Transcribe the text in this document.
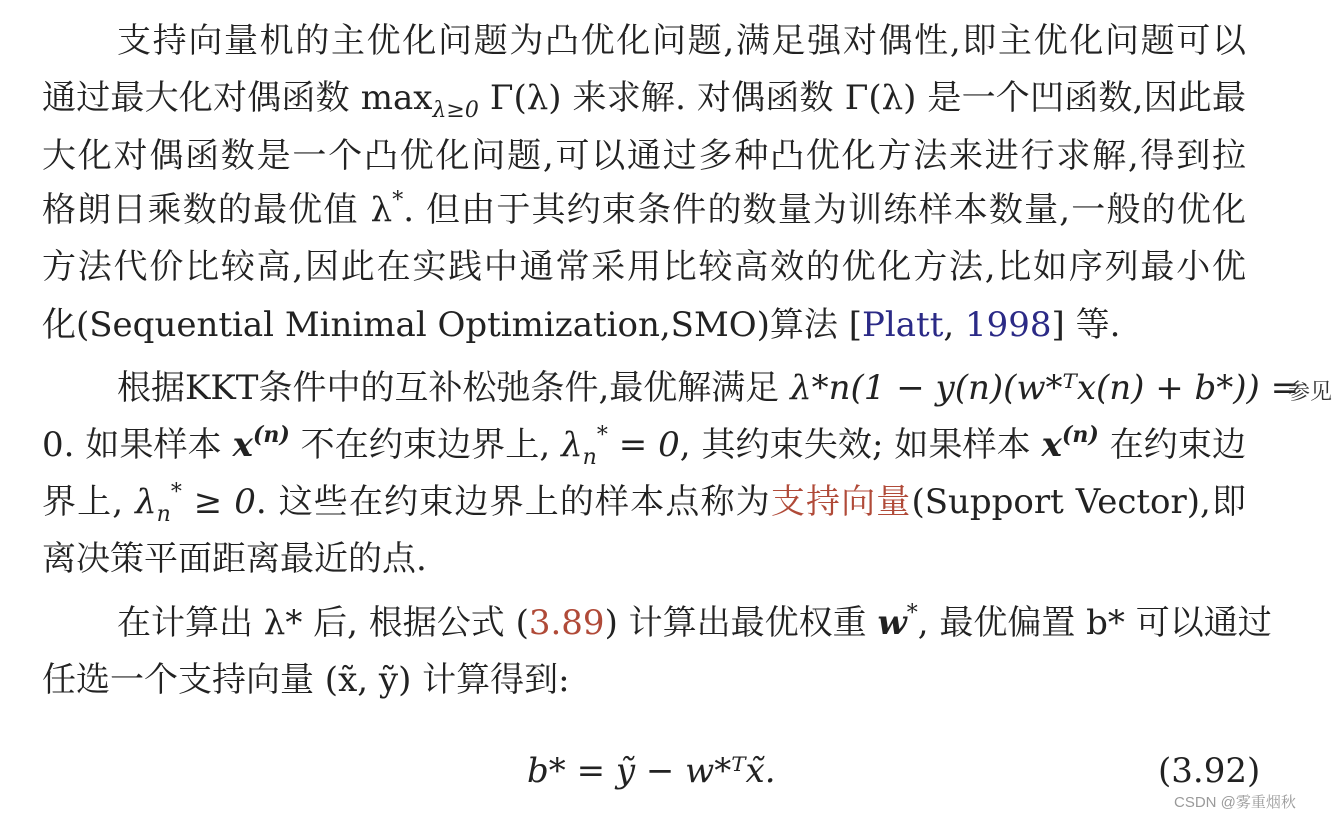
支持向量机的主优化问题为凸优化问题,满足强对偶性,即主优化问题可以
通过最大化对偶函数 $\max_{\lambda\ge 0} \Gamma(\lambda)$ 来求解. 对偶函数 Γ(λ) 是一个凹函数,因此最
大化对偶函数是一个凸优化问题,可以通过多种凸优化方法来进行求解,得到拉
格朗日乘数的最优值 λ*. 但由于其约束条件的数量为训练样本数量,一般的优化
方法代价比较高,因此在实践中通常采用比较高效的优化方法,比如序列最小优
化(Sequential Minimal Optimization,SMO)算法 [Platt, 1998] 等.
根据KKT条件中的互补松弛条件,最优解满足 λ*n(1 − y(n)(w*ᵀx(n) + b*)) =
0. 如果样本 $x^{(n)}$ 不在约束边界上, $\lambda_n^* = 0$, 其约束失效; 如果样本 $x^{(n)}$ 在约束边
界上, $\lambda_n^* \ge 0$. 这些在约束边界上的样本点称为支持向量(Support Vector),即
离决策平面距离最近的点.
在计算出 λ* 后, 根据公式 (3.89) 计算出最优权重 w*, 最优偏置 b* 可以通过
任选一个支持向量 (x̃, ỹ) 计算得到:
b* = ỹ − w*ᵀx̃.	(3.92)
参见
CSDN @雾重烟秋
